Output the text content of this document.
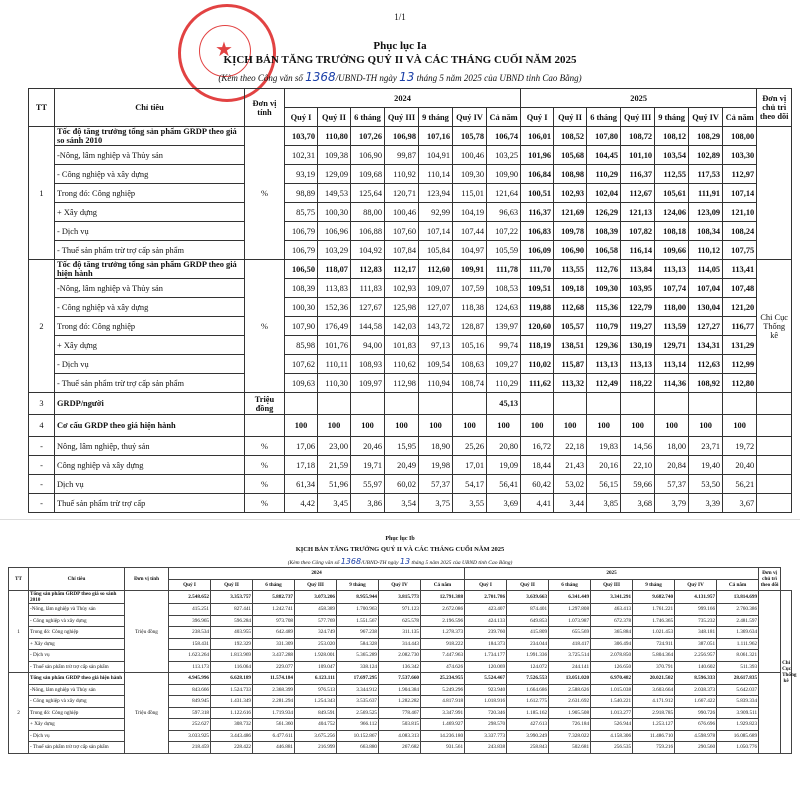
1/1
★	Phục lục Ia
KỊCH BẢN TĂNG TRƯỞNG QUÝ II VÀ CÁC THÁNG CUỐI NĂM 2025
(Kèm theo Công văn số 1368/UBND-TH ngày 13 tháng 5 năm 2025 của UBND tỉnh Cao Bằng)
TT	Chỉ tiêu	Đơn vị tính	2024							2025							Đơn vị chủ trì theo dõi	
			Quý I	Quý II	6 tháng	Quý III	9 tháng	Quý IV	Cả năm	Quý I	Quý II	6 tháng	Quý III	9 tháng	Quý IV	Cả năm		
1	Tốc độ tăng trưởng tổng sản phẩm GRDP theo giá so sánh 2010	%	103,70	110,80	107,26	106,98	107,16	105,78	106,74	106,01	108,52	107,80	108,72	108,12	108,29	108,00		
	-Nông, lâm nghiệp và Thủy sản		102,31	109,38	106,90	99,87	104,91	100,46	103,25	101,96	105,68	104,45	101,10	103,54	102,89	103,30		
	- Công nghiệp và xây dựng		93,19	129,09	109,68	110,92	110,14	109,30	109,90	106,84	108,98	110,29	116,37	112,55	117,53	112,97		
	Trong đó: Công nghiệp		98,89	149,53	125,64	120,71	123,94	115,01	121,64	100,51	102,93	102,04	112,67	105,61	111,91	107,14		
	+ Xây dựng		85,75	100,30	88,00	100,46	92,99	104,19	96,63	116,37	121,69	126,29	121,13	124,06	123,09	121,10		
	- Dịch vụ		106,79	106,96	106,88	107,60	107,14	107,44	107,22	106,83	109,78	108,39	107,82	108,18	108,34	108,24		
	- Thuế sản phẩm trừ trợ cấp sản phẩm		106,79	103,29	104,92	107,84	105,84	104,97	105,59	106,09	106,90	106,58	116,14	109,66	110,12	107,75		
2	Tốc độ tăng trưởng tổng sản phẩm GRDP theo giá hiện hành	%	106,50	118,07	112,83	112,17	112,60	109,91	111,78	111,70	113,55	112,76	113,84	113,13	114,05	113,41	Chi Cục Thống kê	
	-Nông, lâm nghiệp và Thủy sản		108,39	113,83	111,83	102,93	109,07	107,59	108,53	109,51	109,18	109,30	103,95	107,74	107,04	107,48		
	- Công nghiệp và xây dựng		100,30	152,36	127,67	125,98	127,07	118,38	124,63	119,88	112,68	115,36	122,79	118,00	130,04	121,20		
	Trong đó: Công nghiệp		107,90	176,49	144,58	142,03	143,72	128,87	139,97	120,60	105,57	110,79	119,27	113,59	127,27	116,77		
	+ Xây dựng		85,98	101,76	94,00	101,83	97,13	105,16	99,74	118,19	138,51	129,36	130,19	129,71	134,31	131,29		
	- Dịch vụ		107,62	110,11	108,93	110,62	109,54	108,63	109,27	110,02	115,87	113,13	113,13	113,14	112,63	112,99		
	- Thuế sản phẩm trừ trợ cấp sản phẩm		109,63	110,30	109,97	112,98	110,94	108,74	110,29	111,62	113,32	112,49	118,22	114,36	108,92	112,80		
3	GRDP/người	Triệu đồng							45,13									
4	Cơ cấu GRDP theo giá hiện hành		100	100	100	100	100	100	100	100	100	100	100	100	100	100		
-	Nông, lâm nghiệp, thuỷ sản	%	17,06	23,00	20,46	15,95	18,90	25,26	20,80	16,72	22,18	19,83	14,56	18,00	23,71	19,72		
-	Công nghiệp và xây dựng	%	17,18	21,59	19,71	20,49	19,98	17,01	19,09	18,44	21,43	20,16	22,10	20,84	19,40	20,40		
-	Dịch vụ	%	61,34	51,96	55,97	60,02	57,37	54,17	56,41	60,42	53,02	56,15	59,66	57,37	53,50	56,21		
-	Thuế sản phẩm trừ trợ cấp	%	4,42	3,45	3,86	3,54	3,75	3,55	3,69	4,41	3,44	3,85	3,68	3,79	3,39	3,67		
Phục lục Ib
KỊCH BẢN TĂNG TRƯỞNG QUÝ II VÀ CÁC THÁNG CUỐI NĂM 2025
(Kèm theo Công văn số 1368/UBND-TH ngày 13 tháng 5 năm 2025 của UBND tỉnh Cao Bằng)
TT	Chỉ tiêu	Đơn vị tính	2024							2025							Đơn vị chủ trì theo dõi	
			Quý I	Quý II	6 tháng	Quý III	9 tháng	Quý IV	Cả năm	Quý I	Quý II	6 tháng	Quý III	9 tháng	Quý IV	Cả năm		
1	Tổng sản phẩm GRDP theo giá so sánh 2010	Triệu đồng	2.548.652	3.353.757	5.882.737	3.073.206	8.955.944	3.815.773	12.791.388	2.701.786	3.639.663	6.341.449	3.341.291	9.682.740	4.131.957	13.814.699		Chi Cục Thống kê
	-Nông, lâm nghiệp và Thủy sản		415.251	827.441	1.242.741	458.389	1.700.963	971.123	2.672.086	423.407	874.401	1.297.808	463.413	1.761.221	999.166	2.760.386		
	- Công nghiệp và xây dựng		396.965	596.284	973.708	577.769	1.551.567	625.578	2.196.596	424.133	649.853	1.073.987	672.378	1.746.365	735.232	2.481.597		
	Trong đó: Công nghiệp		238.534	403.955	642.489	324.749	967.238	311.135	1.278.373	239.760	415.809	655.569	365.884	1.021.453	348.181	1.369.634		
	+ Xây dựng		158.431	192.329	331.309	253.020	584.328	314.443	918.222	184.373	234.044	418.417	306.494	724.911	387.051	1.111.962		
	- Dịch vụ		1.623.264	1.813.969	3.437.288	1.928.001	5.365.289	2.082.730	7.447.963	1.734.177	1.991.336	3.725.514	2.078.850	5.804.364	2.256.957	8.061.321		
	- Thuế sản phẩm trừ trợ cấp sản phẩm		113.173	116.064	229.077	109.047	338.124	136.342	474.626	120.069	124.072	244.141	126.650	370.791	140.602	511.393		
2	Tổng sản phẩm GRDP theo giá hiện hành	Triệu đồng	4.945.996	6.628.189	11.574.184	6.123.111	17.697.295	7.537.660	25.234.955	5.524.467	7.526.553	13.051.020	6.970.482	20.021.502	8.596.333	28.617.835		
	-Nông, lâm nghiệp và Thủy sản		843.666	1.524.733	2.368.399	976.513	3.344.912	1.904.384	5.249.296	923.940	1.664.686	2.588.626	1.015.038	3.603.664	2.038.373	5.642.037		
	- Công nghiệp và xây dựng		849.945	1.431.349	2.281.294	1.254.343	3.535.637	1.282.282	4.817.918	1.018.916	1.612.775	2.631.692	1.540.221	4.171.912	1.667.422	5.839.334		
	Trong đó: Công nghiệp		597.318	1.122.616	1.719.934	849.591	2.569.525	778.467	3.347.991	720.346	1.185.162	1.905.508	1.013.277	2.918.785	990.726	3.909.511		
	+ Xây dựng		252.627	308.732	561.360	404.752	966.112	503.815	1.469.927	298.570	427.613	726.184	526.944	1.253.127	676.696	1.929.823		
	- Dịch vụ		3.033.925	3.443.486	6.477.611	3.675.256	10.152.867	4.083.313	14.236.180	3.337.773	3.990.249	7.328.022	4.158.306	11.486.710	4.598.978	16.085.689		
	- Thuế sản phẩm trừ trợ cấp sản phẩm		218.459	228.422	446.881	216.999	663.880	267.682	931.561	243.838	258.843	502.681	256.535	759.216	290.560	1.050.776		
